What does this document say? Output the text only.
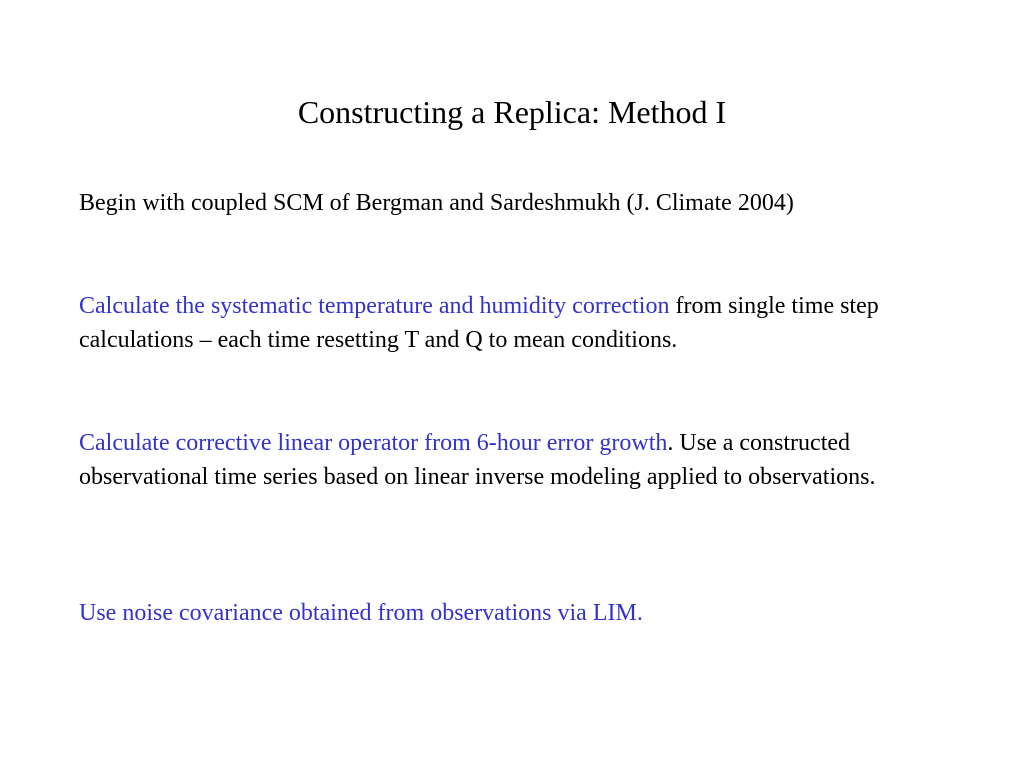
Constructing a Replica: Method I
Begin with coupled SCM of Bergman and Sardeshmukh (J. Climate 2004)
Calculate the systematic temperature and humidity correction from single time step calculations – each time resetting T and Q to mean conditions.
Calculate corrective linear operator from 6-hour error growth. Use a constructed observational time series based on linear inverse modeling applied to observations.
Use noise covariance obtained from observations via LIM.
